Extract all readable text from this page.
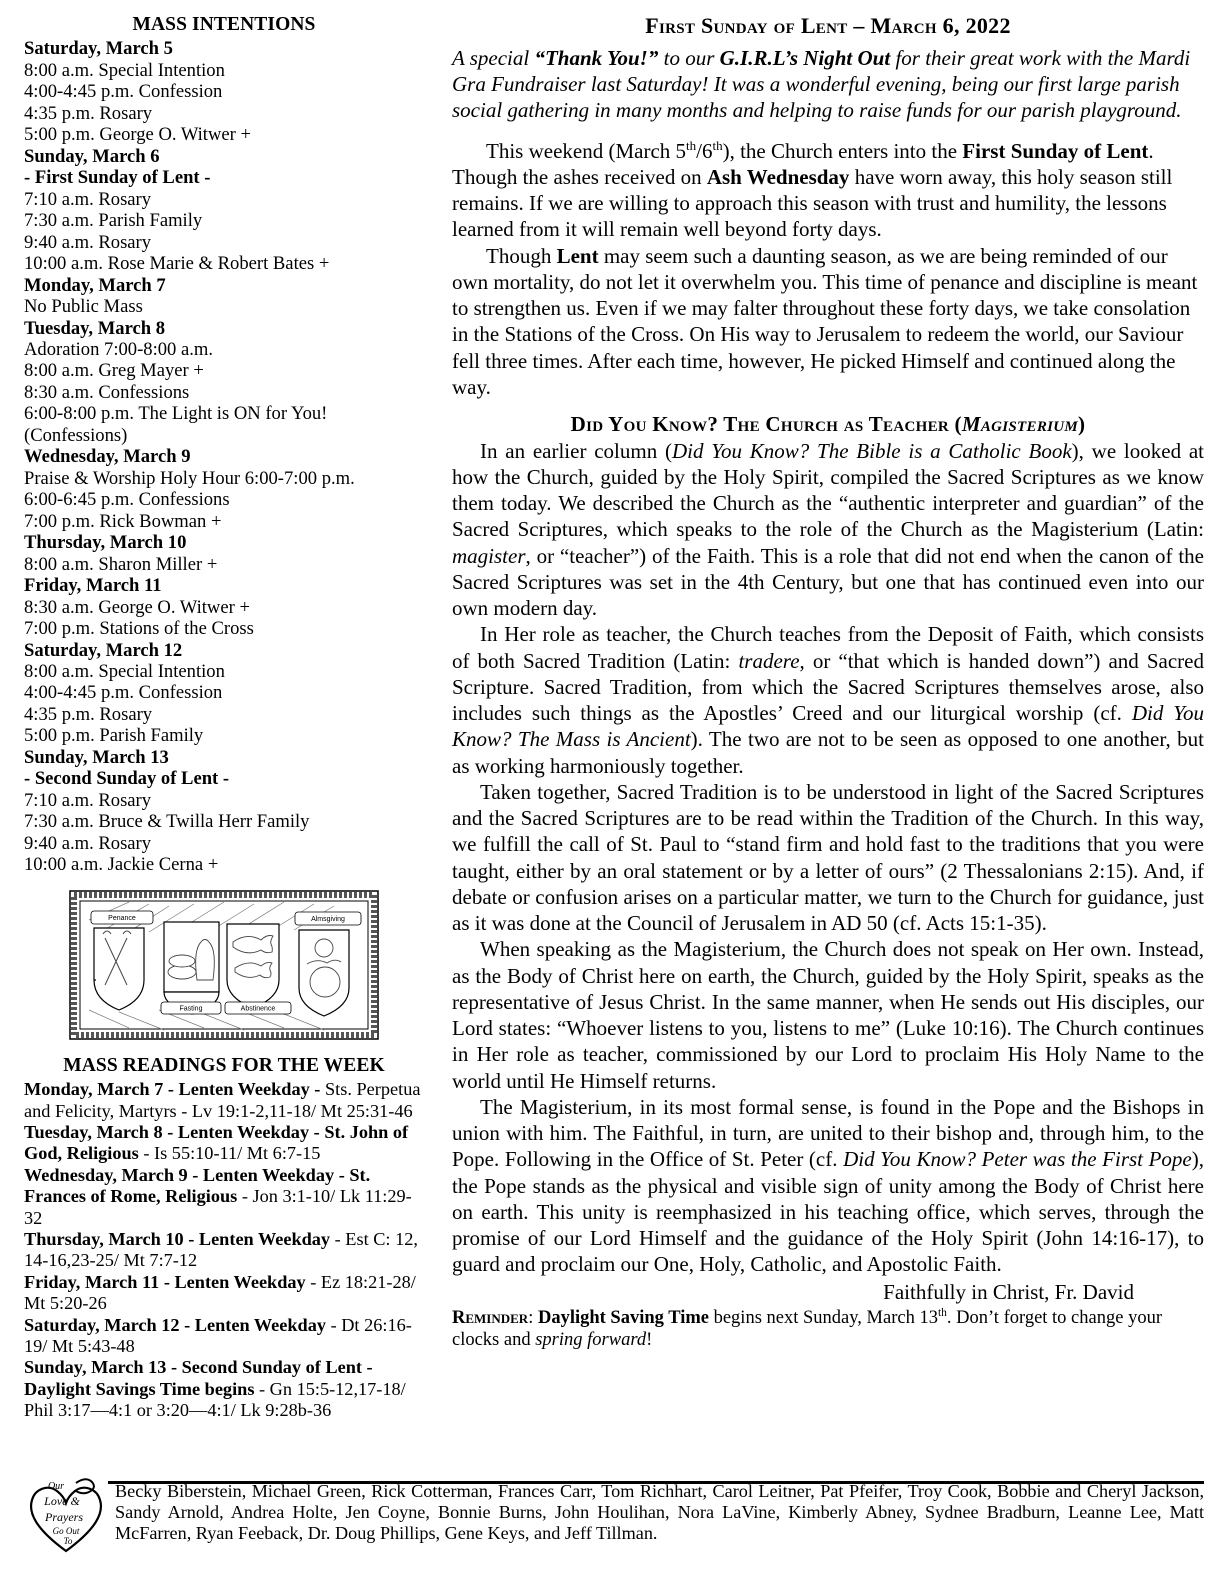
MASS INTENTIONS
Saturday, March 5
8:00 a.m. Special Intention
4:00-4:45 p.m. Confession
4:35 p.m. Rosary
5:00 p.m. George O. Witwer +
Sunday, March 6
- First Sunday of Lent -
7:10 a.m. Rosary
7:30 a.m. Parish Family
9:40 a.m. Rosary
10:00 a.m. Rose Marie & Robert Bates +
Monday, March 7
No Public Mass
Tuesday, March 8
Adoration 7:00-8:00 a.m.
8:00 a.m. Greg Mayer +
8:30 a.m. Confessions
6:00-8:00 p.m. The Light is ON for You!
(Confessions)
Wednesday, March 9
Praise & Worship Holy Hour 6:00-7:00 p.m.
6:00-6:45 p.m. Confessions
7:00 p.m. Rick Bowman +
Thursday, March 10
8:00 a.m. Sharon Miller +
Friday, March 11
8:30 a.m. George O. Witwer +
7:00 p.m. Stations of the Cross
Saturday, March 12
8:00 a.m. Special Intention
4:00-4:45 p.m. Confession
4:35 p.m. Rosary
5:00 p.m. Parish Family
Sunday, March 13
- Second Sunday of Lent -
7:10 a.m. Rosary
7:30 a.m. Bruce & Twilla Herr Family
9:40 a.m. Rosary
10:00 a.m. Jackie Cerna +
Penance
Fasting	Abstinence
Almsgiving
MASS READINGS FOR THE WEEK
Monday, March 7 - Lenten Weekday - Sts. Perpetua and Felicity, Martyrs - Lv 19:1-2,11-18/ Mt 25:31-46
Tuesday, March 8 - Lenten Weekday - St. John of God, Religious - Is 55:10-11/ Mt 6:7-15
Wednesday, March 9 - Lenten Weekday - St. Frances of Rome, Religious - Jon 3:1-10/ Lk 11:29-32
Thursday, March 10 - Lenten Weekday - Est C: 12, 14-16,23-25/ Mt 7:7-12
Friday, March 11 - Lenten Weekday - Ez 18:21-28/ Mt 5:20-26
Saturday, March 12 - Lenten Weekday - Dt 26:16-19/ Mt 5:43-48
Sunday, March 13 - Second Sunday of Lent - Daylight Savings Time begins - Gn 15:5-12,17-18/ Phil 3:17—4:1 or 3:20—4:1/ Lk 9:28b-36
First Sunday of Lent – March 6, 2022

A special “Thank You!” to our G.I.R.L’s Night Out for their great work with the Mardi Gra Fundraiser last Saturday! It was a wonderful evening, being our first large parish social gathering in many months and helping to raise funds for our parish playground.

This weekend (March 5th/6th), the Church enters into the First Sunday of Lent. Though the ashes received on Ash Wednesday have worn away, this holy season still remains. If we are willing to approach this season with trust and humility, the lessons learned from it will remain well beyond forty days.

Though Lent may seem such a daunting season, as we are being reminded of our own mortality, do not let it overwhelm you. This time of penance and discipline is meant to strengthen us. Even if we may falter throughout these forty days, we take consolation in the Stations of the Cross. On His way to Jerusalem to redeem the world, our Saviour fell three times. After each time, however, He picked Himself and continued along the way.

Did You Know? The Church as Teacher (Magisterium)

In an earlier column (Did You Know? The Bible is a Catholic Book), we looked at how the Church, guided by the Holy Spirit, compiled the Sacred Scriptures as we know them today. We described the Church as the “authentic interpreter and guardian” of the Sacred Scriptures, which speaks to the role of the Church as the Magisterium (Latin: magister, or “teacher”) of the Faith. This is a role that did not end when the canon of the Sacred Scriptures was set in the 4th Century, but one that has continued even into our own modern day.

In Her role as teacher, the Church teaches from the Deposit of Faith, which consists of both Sacred Tradition (Latin: tradere, or “that which is handed down”) and Sacred Scripture. Sacred Tradition, from which the Sacred Scriptures themselves arose, also includes such things as the Apostles’ Creed and our liturgical worship (cf. Did You Know? The Mass is Ancient). The two are not to be seen as opposed to one another, but as working harmoniously together.

Taken together, Sacred Tradition is to be understood in light of the Sacred Scriptures and the Sacred Scriptures are to be read within the Tradition of the Church. In this way, we fulfill the call of St. Paul to “stand firm and hold fast to the traditions that you were taught, either by an oral statement or by a letter of ours” (2 Thessalonians 2:15). And, if debate or confusion arises on a particular matter, we turn to the Church for guidance, just as it was done at the Council of Jerusalem in AD 50 (cf. Acts 15:1-35).

When speaking as the Magisterium, the Church does not speak on Her own. Instead, as the Body of Christ here on earth, the Church, guided by the Holy Spirit, speaks as the representative of Jesus Christ. In the same manner, when He sends out His disciples, our Lord states: “Whoever listens to you, listens to me” (Luke 10:16). The Church continues in Her role as teacher, commissioned by our Lord to proclaim His Holy Name to the world until He Himself returns.

The Magisterium, in its most formal sense, is found in the Pope and the Bishops in union with him. The Faithful, in turn, are united to their bishop and, through him, to the Pope. Following in the Office of St. Peter (cf. Did You Know? Peter was the First Pope), the Pope stands as the physical and visible sign of unity among the Body of Christ here on earth. This unity is reemphasized in his teaching office, which serves, through the promise of our Lord Himself and the guidance of the Holy Spirit (John 14:16-17), to guard and proclaim our One, Holy, Catholic, and Apostolic Faith.

Faithfully in Christ, Fr. David

Reminder: Daylight Saving Time begins next Sunday, March 13th. Don’t forget to change your clocks and spring forward!

Our
Love &
Prayers
Go Out
To
Becky Biberstein, Michael Green, Rick Cotterman, Frances Carr, Tom Richhart, Carol Leitner, Pat Pfeifer, Troy Cook, Bobbie and Cheryl Jackson, Sandy Arnold, Andrea Holte, Jen Coyne, Bonnie Burns, John Houlihan, Nora LaVine, Kimberly Abney, Sydnee Bradburn, Leanne Lee, Matt McFarren, Ryan Feeback, Dr. Doug Phillips, Gene Keys, and Jeff Tillman.
